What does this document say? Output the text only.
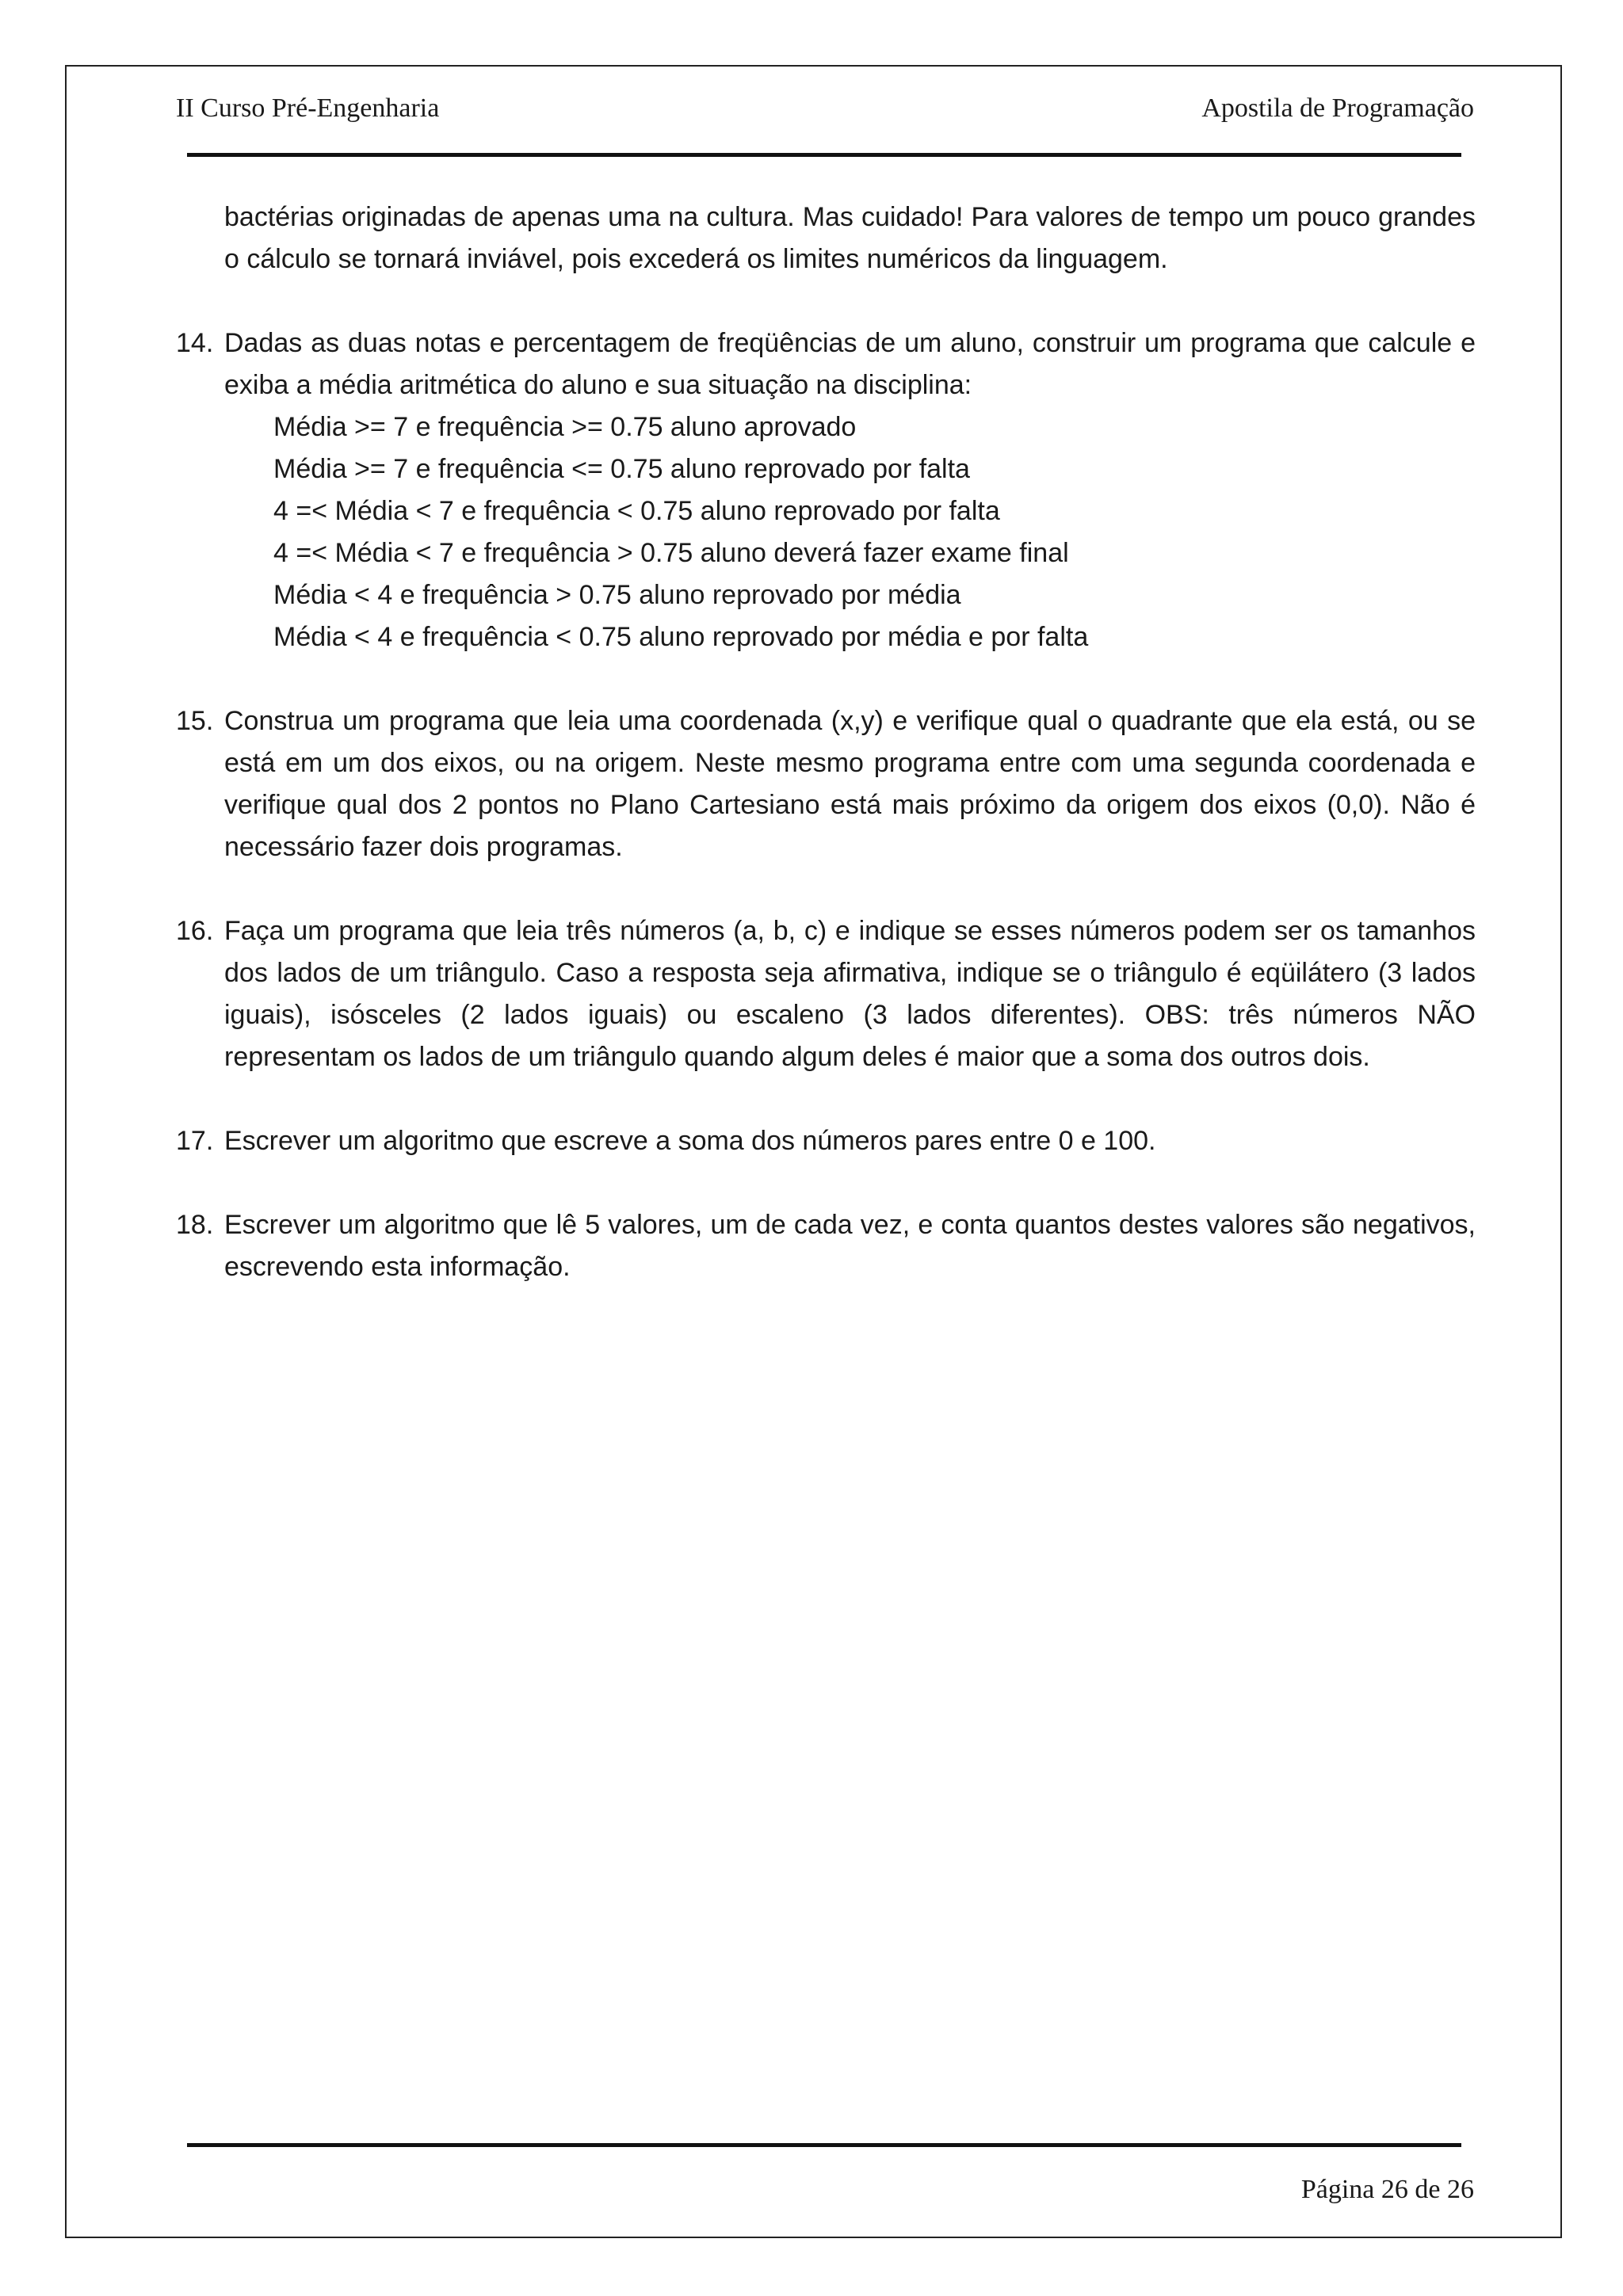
II Curso Pré-Engenharia	Apostila de Programação
bactérias originadas de apenas uma na cultura. Mas cuidado! Para valores de tempo um pouco grandes o cálculo se tornará inviável, pois excederá os limites numéricos da linguagem.
14. Dadas as duas notas e percentagem de freqüências de um aluno, construir um programa que calcule e exiba a média aritmética do aluno e sua situação na disciplina:
Média >= 7 e frequência >= 0.75 aluno aprovado
Média >= 7 e frequência <= 0.75 aluno reprovado por falta
4 =< Média < 7 e frequência < 0.75 aluno reprovado por falta
4 =< Média < 7 e frequência > 0.75 aluno deverá fazer exame final
Média < 4 e frequência > 0.75 aluno reprovado por média
Média < 4 e frequência < 0.75 aluno reprovado por média e por falta
15. Construa um programa que leia uma coordenada (x,y) e verifique qual o quadrante que ela está, ou se está em um dos eixos, ou na origem. Neste mesmo programa entre com uma segunda coordenada e verifique qual dos 2 pontos no Plano Cartesiano está mais próximo da origem dos eixos (0,0). Não é necessário fazer dois programas.
16. Faça um programa que leia três números (a, b, c) e indique se esses números podem ser os tamanhos dos lados de um triângulo. Caso a resposta seja afirmativa, indique se o triângulo é eqüilátero (3 lados iguais), isósceles (2 lados iguais) ou escaleno (3 lados diferentes). OBS: três números NÃO representam os lados de um triângulo quando algum deles é maior que a soma dos outros dois.
17. Escrever um algoritmo que escreve a soma dos números pares entre 0 e 100.
18. Escrever um algoritmo que lê 5 valores, um de cada vez, e conta quantos destes valores são negativos, escrevendo esta informação.
Página 26 de 26
